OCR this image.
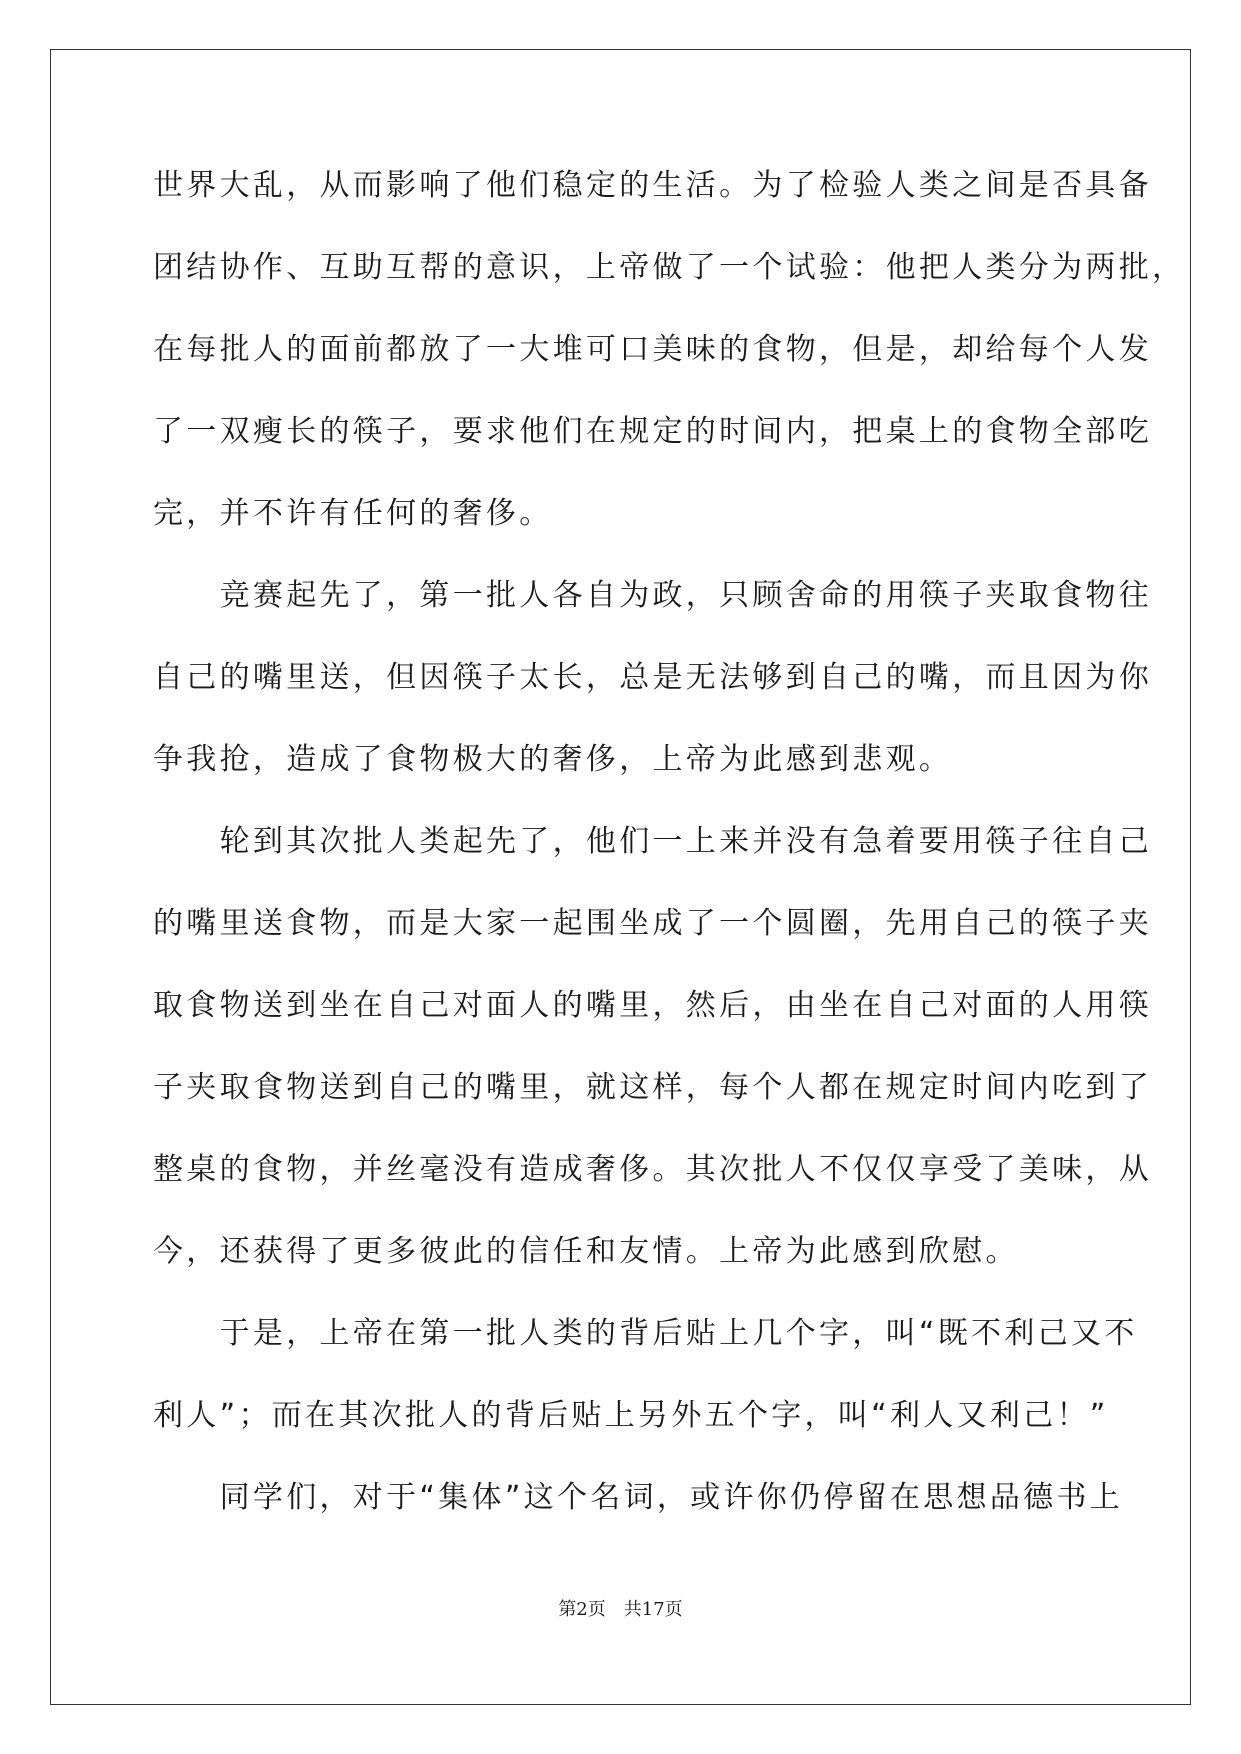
世界大乱，从而影响了他们稳定的生活。为了检验人类之间是否具备
团结协作、互助互帮的意识，上帝做了一个试验：他把人类分为两批，
在每批人的面前都放了一大堆可口美味的食物，但是，却给每个人发
了一双瘦长的筷子，要求他们在规定的时间内，把桌上的食物全部吃
完，并不许有任何的奢侈。
　　竞赛起先了，第一批人各自为政，只顾舍命的用筷子夹取食物往
自己的嘴里送，但因筷子太长，总是无法够到自己的嘴，而且因为你
争我抢，造成了食物极大的奢侈，上帝为此感到悲观。
　　轮到其次批人类起先了，他们一上来并没有急着要用筷子往自己
的嘴里送食物，而是大家一起围坐成了一个圆圈，先用自己的筷子夹
取食物送到坐在自己对面人的嘴里，然后，由坐在自己对面的人用筷
子夹取食物送到自己的嘴里，就这样，每个人都在规定时间内吃到了
整桌的食物，并丝毫没有造成奢侈。其次批人不仅仅享受了美味，从
今，还获得了更多彼此的信任和友情。上帝为此感到欣慰。
　　于是，上帝在第一批人类的背后贴上几个字，叫“既不利己又不
利人”；而在其次批人的背后贴上另外五个字，叫“利人又利己！”
　　同学们，对于“集体”这个名词，或许你仍停留在思想品德书上
第2页　共17页
